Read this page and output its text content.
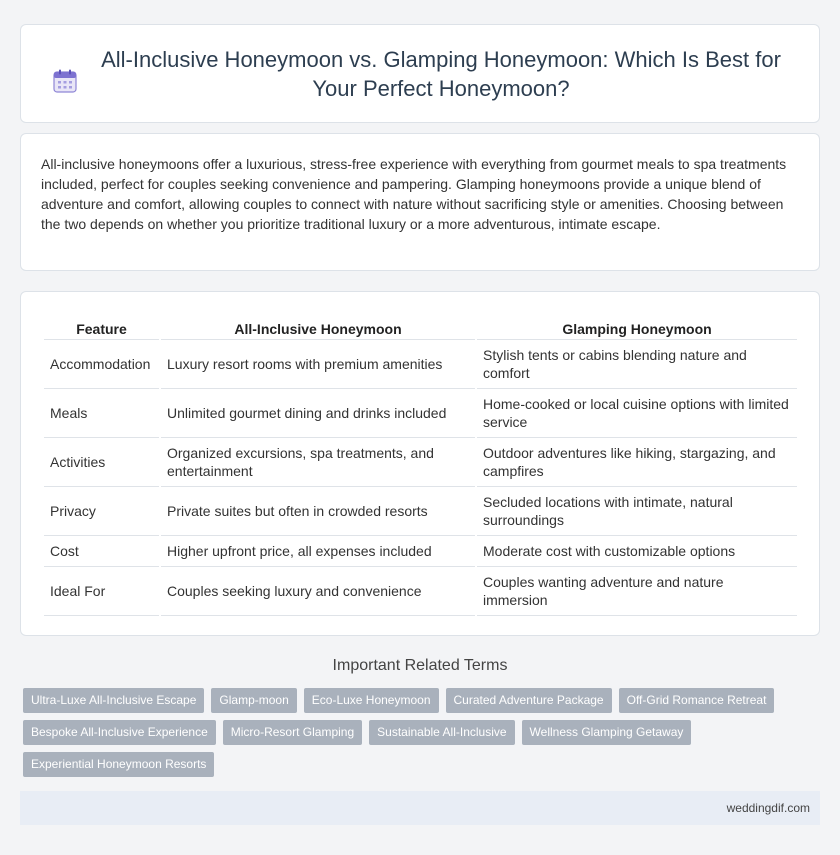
All-Inclusive Honeymoon vs. Glamping Honeymoon: Which Is Best for Your Perfect Honeymoon?

All-inclusive honeymoons offer a luxurious, stress-free experience with everything from gourmet meals to spa treatments included, perfect for couples seeking convenience and pampering. Glamping honeymoons provide a unique blend of adventure and comfort, allowing couples to connect with nature without sacrificing style or amenities. Choosing between the two depends on whether you prioritize traditional luxury or a more adventurous, intimate escape.

Feature	All-Inclusive Honeymoon	Glamping Honeymoon
Accommodation	Luxury resort rooms with premium amenities	Stylish tents or cabins blending nature and comfort
Meals	Unlimited gourmet dining and drinks included	Home-cooked or local cuisine options with limited service
Activities	Organized excursions, spa treatments, and entertainment	Outdoor adventures like hiking, stargazing, and campfires
Privacy	Private suites but often in crowded resorts	Secluded locations with intimate, natural surroundings
Cost	Higher upfront price, all expenses included	Moderate cost with customizable options
Ideal For	Couples seeking luxury and convenience	Couples wanting adventure and nature immersion
Important Related Terms
Ultra-Luxe All-Inclusive Escape	Glamp-moon	Eco-Luxe Honeymoon	Curated Adventure Package	Off-Grid Romance Retreat
Bespoke All-Inclusive Experience	Micro-Resort Glamping	Sustainable All-Inclusive	Wellness Glamping Getaway
Experiential Honeymoon Resorts
weddingdif.com
